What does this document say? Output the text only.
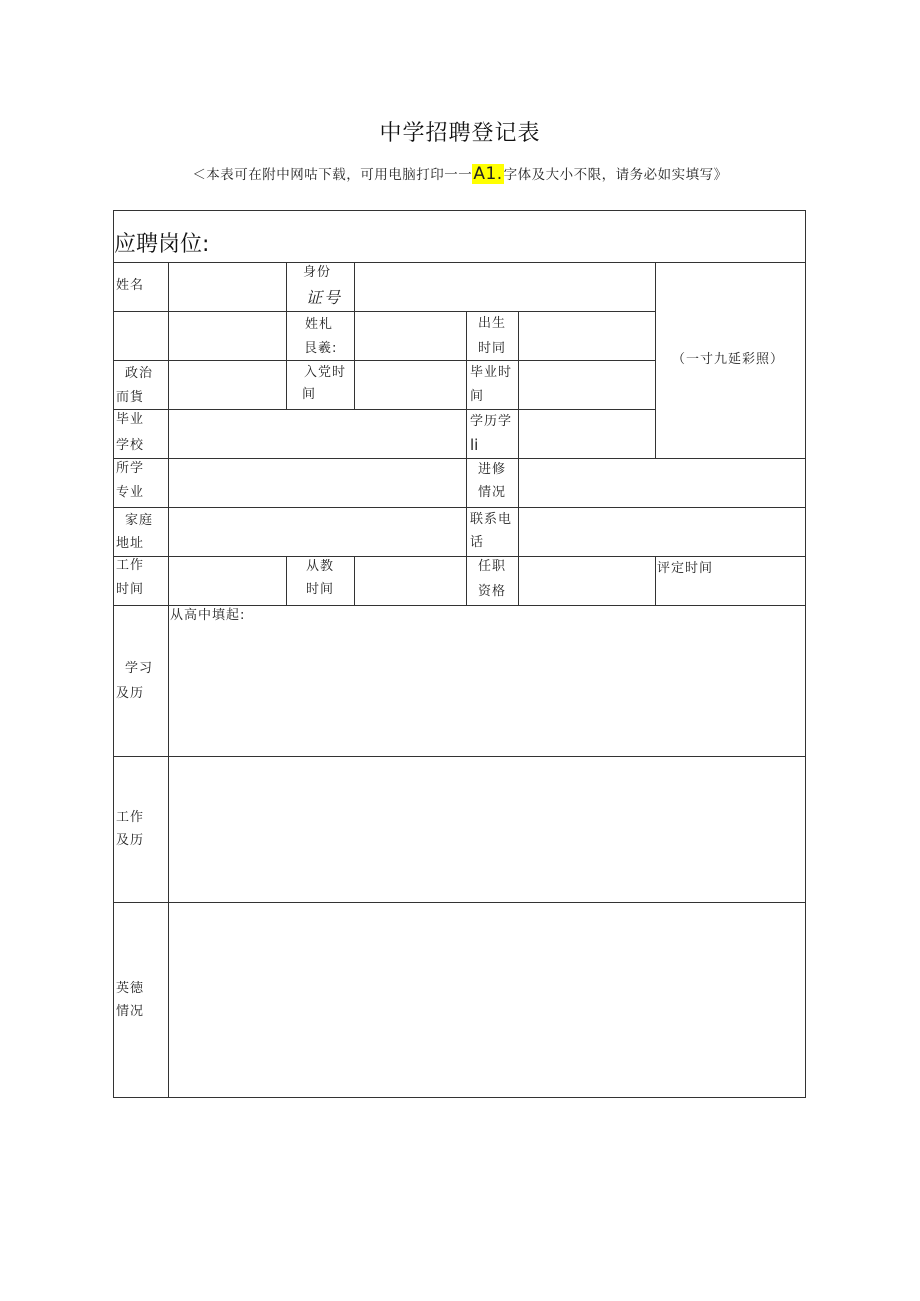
中学招聘登记表
＜本表可在附中网咕下载，可用电脑打印一一A1.字体及大小不限，请务必如实填写》
应聘岗位:
姓名
身份
证号
姓札
艮羲:
出生
时同
政治
而貨
入党时
间
毕业时
间
毕业
学校
学历学
li
所学
专业
进修
情况
家庭
地址
联系电
话
工作
时间
从教
时间
任职
资格
评定时间
（一寸九延彩照）
从高中填起:
学习
及历
工作
及历
英徳
情况
